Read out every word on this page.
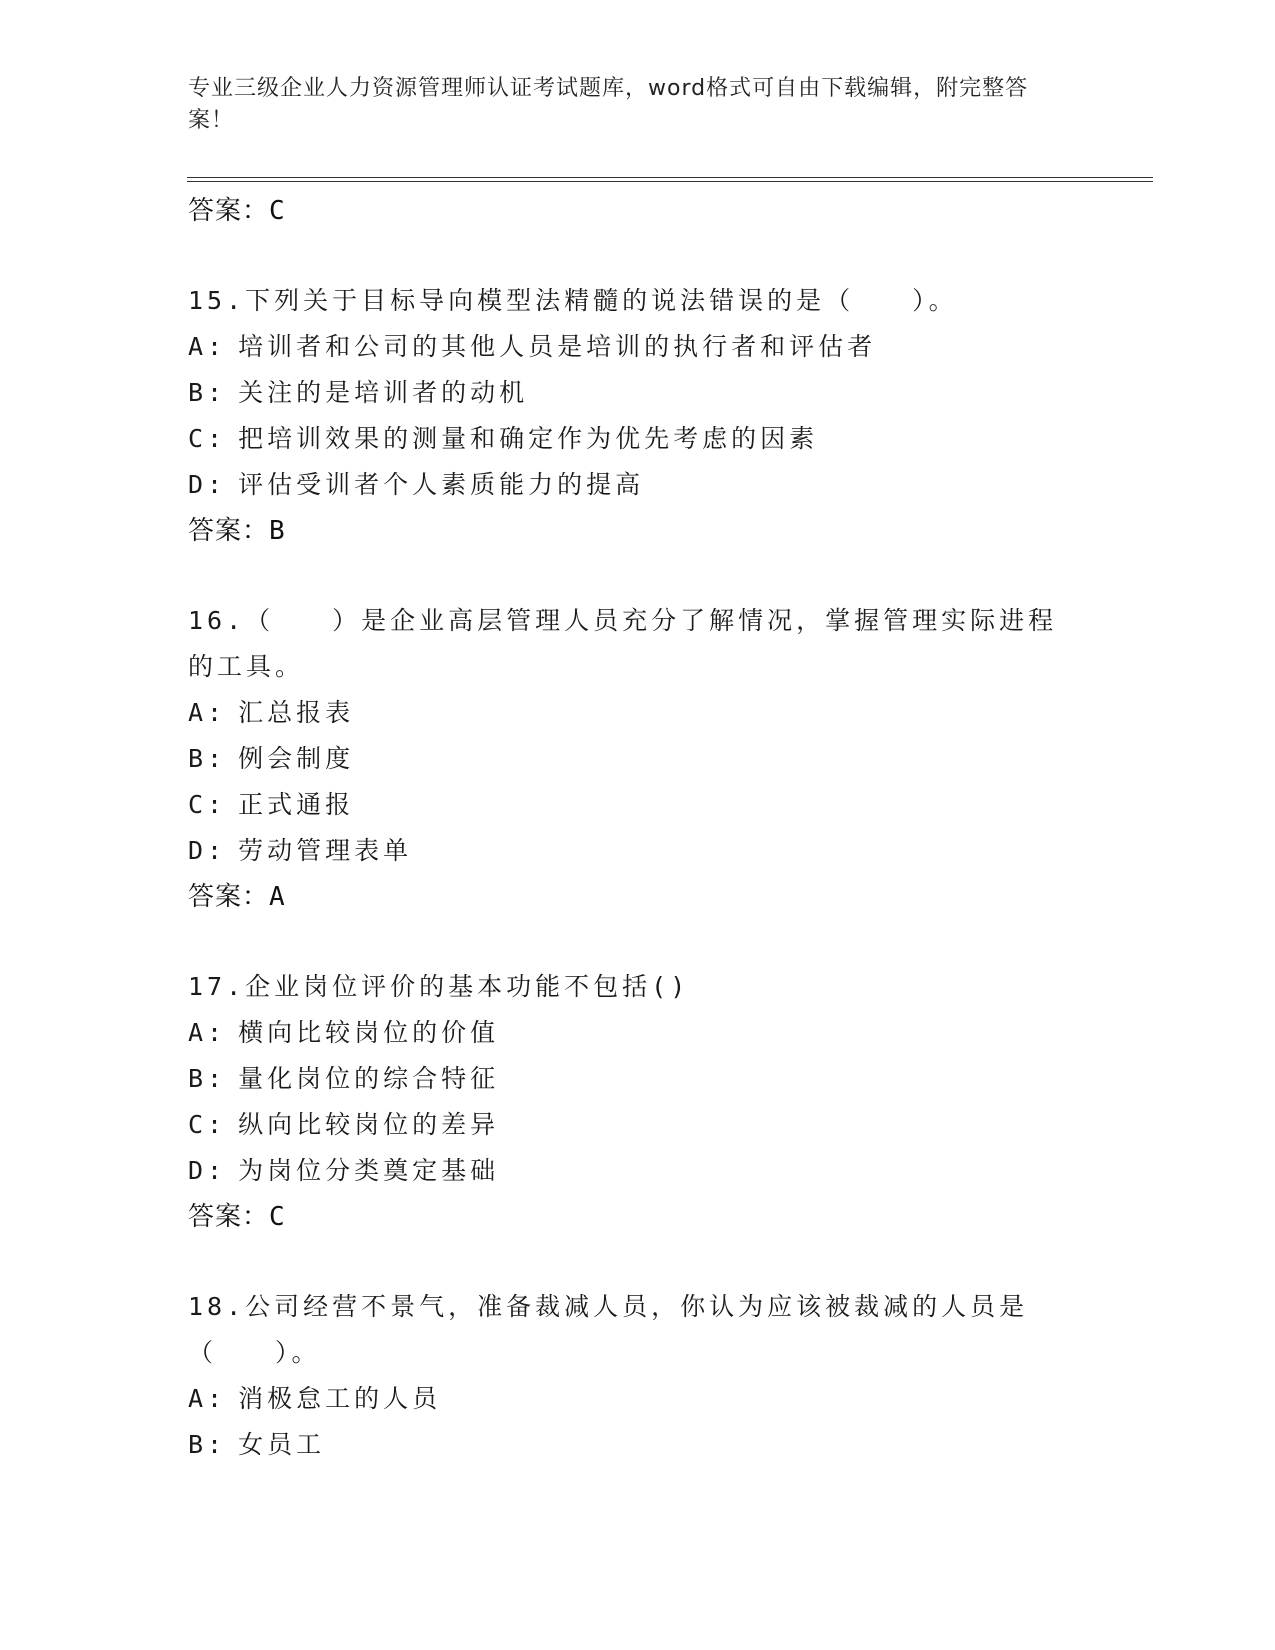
专业三级企业人力资源管理师认证考试题库，word格式可自由下载编辑，附完整答案！
答案：C
15.下列关于目标导向模型法精髓的说法错误的是（　　）。
A: 培训者和公司的其他人员是培训的执行者和评估者
B: 关注的是培训者的动机
C: 把培训效果的测量和确定作为优先考虑的因素
D: 评估受训者个人素质能力的提高
答案：B
16.（　　）是企业高层管理人员充分了解情况，掌握管理实际进程的工具。
A: 汇总报表
B: 例会制度
C: 正式通报
D: 劳动管理表单
答案：A
17.企业岗位评价的基本功能不包括()
A: 横向比较岗位的价值
B: 量化岗位的综合特征
C: 纵向比较岗位的差异
D: 为岗位分类奠定基础
答案：C
18.公司经营不景气，准备裁减人员，你认为应该被裁减的人员是（　　）。
A: 消极怠工的人员
B: 女员工
